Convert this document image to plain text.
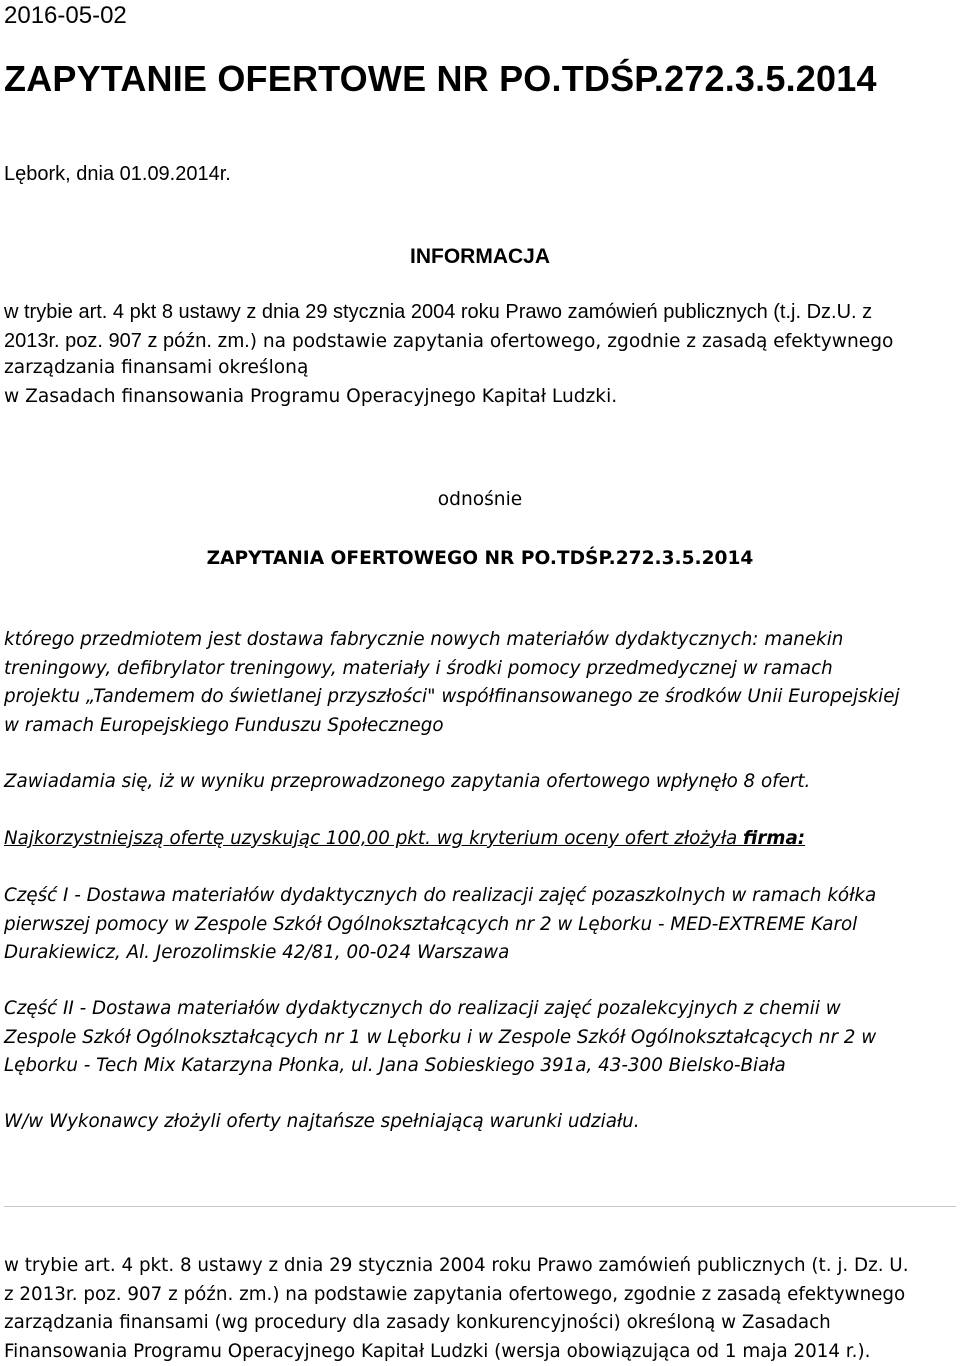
2016-05-02
ZAPYTANIE OFERTOWE NR PO.TDŚP.272.3.5.2014
Lębork, dnia 01.09.2014r.
INFORMACJA
w trybie art. 4 pkt 8 ustawy z dnia 29 stycznia 2004 roku Prawo zamówień publicznych (t.j. Dz.U. z
2013r. poz. 907 z późn. zm.) na podstawie zapytania ofertowego, zgodnie z zasadą efektywnego
zarządzania finansami określoną
w Zasadach finansowania Programu Operacyjnego Kapitał Ludzki.
odnośnie
ZAPYTANIA OFERTOWEGO NR PO.TDŚP.272.3.5.2014
którego przedmiotem jest dostawa fabrycznie nowych materiałów dydaktycznych: manekin
treningowy, defibrylator treningowy, materiały i środki pomocy przedmedycznej w ramach
projektu „Tandemem do świetlanej przyszłości" współfinansowanego ze środków Unii Europejskiej
w ramach Europejskiego Funduszu Społecznego
Zawiadamia się, iż w wyniku przeprowadzonego zapytania ofertowego wpłynęło 8 ofert.
Najkorzystniejszą ofertę uzyskując 100,00 pkt. wg kryterium oceny ofert złożyła firma:
Część I - Dostawa materiałów dydaktycznych do realizacji zajęć pozaszkolnych w ramach kółka
pierwszej pomocy w Zespole Szkół Ogólnokształcących nr 2 w Lęborku - MED-EXTREME Karol
Durakiewicz, Al. Jerozolimskie 42/81, 00-024 Warszawa
Część II - Dostawa materiałów dydaktycznych do realizacji zajęć pozalekcyjnych z chemii w
Zespole Szkół Ogólnokształcących nr 1 w Lęborku i w Zespole Szkół Ogólnokształcących nr 2 w
Lęborku - Tech Mix Katarzyna Płonka, ul. Jana Sobieskiego 391a, 43-300 Bielsko-Biała
W/w Wykonawcy złożyli oferty najtańsze spełniającą warunki udziału.
w trybie art. 4 pkt. 8 ustawy z dnia 29 stycznia 2004 roku Prawo zamówień publicznych (t. j. Dz. U.
z 2013r. poz. 907 z późn. zm.) na podstawie zapytania ofertowego, zgodnie z zasadą efektywnego
zarządzania finansami (wg procedury dla zasady konkurencyjności) określoną w Zasadach
Finansowania Programu Operacyjnego Kapitał Ludzki (wersja obowiązująca od 1 maja 2014 r.).
